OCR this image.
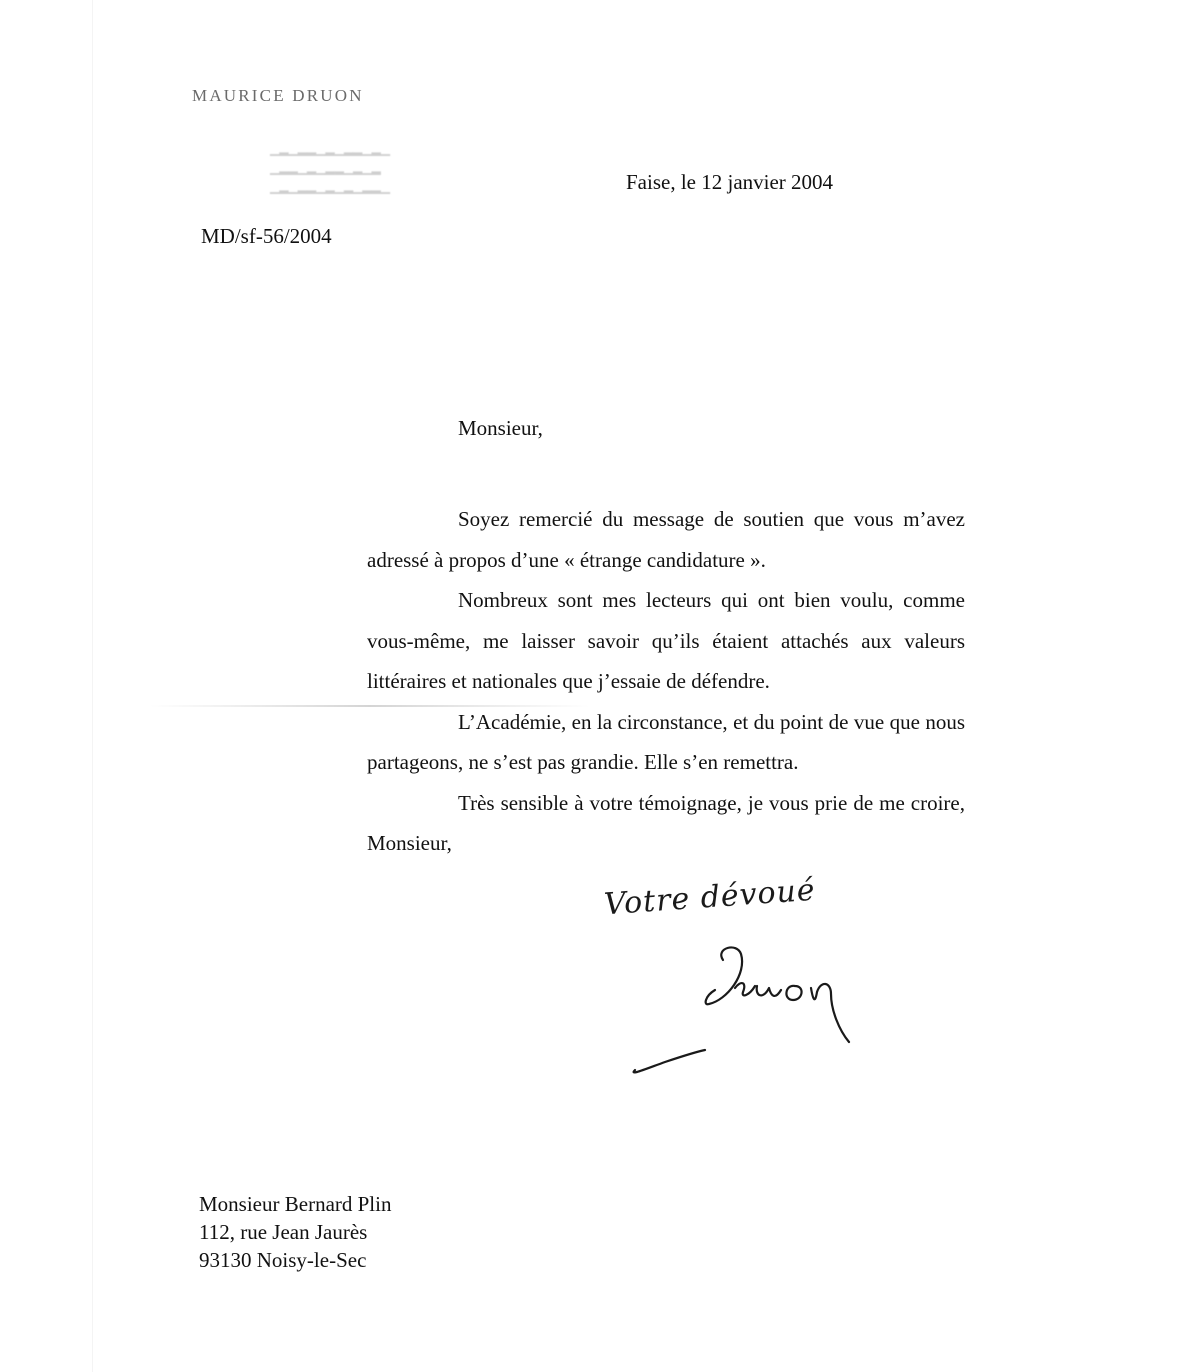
MAURICE DRUON
▁▂▁▂▂▁▂▁▂▂▁▂▁
▁▂▂▁▂▁▂▂▁▂▁▂
▁▂▁▂▂▁▂▁▂▁▂▂▁	Faise, le 12 janvier 2004
MD/sf-56/2004
Monsieur,

Soyez remercié du message de soutien que vous m’avez adressé à propos d’une « étrange candidature ».

Nombreux sont mes lecteurs qui ont bien voulu, comme vous-même, me laisser savoir qu’ils étaient attachés aux valeurs littéraires et nationales que j’essaie de défendre.

L’Académie, en la circonstance, et du point de vue que nous partageons, ne s’est pas grandie. Elle s’en remettra.

Très sensible à votre témoignage, je vous prie de me croire, Monsieur,

Votre dévoué
Monsieur Bernard Plin
112, rue Jean Jaurès
93130 Noisy-le-Sec
